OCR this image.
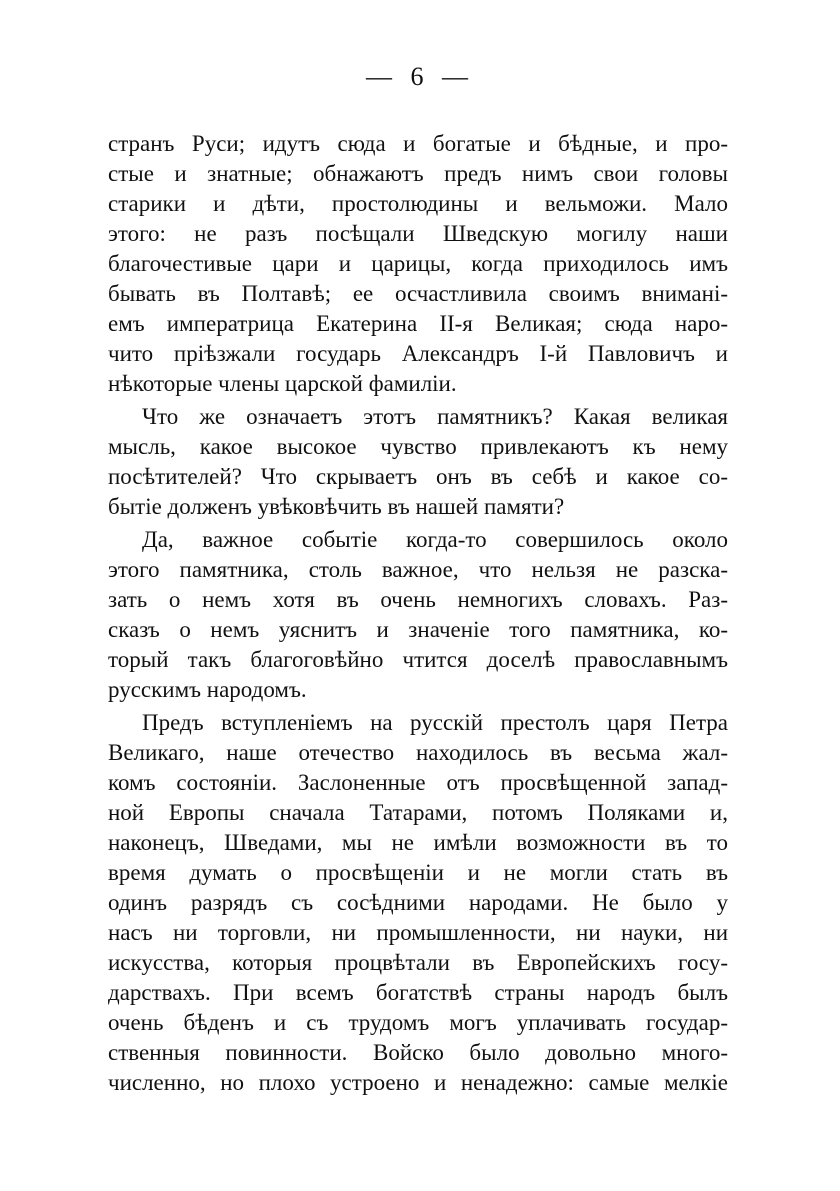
— 6 —
странъ Руси; идутъ сюда и богатые и бѣдные, и про-
стые и знатные; обнажаютъ предъ нимъ свои головы
старики и дѣти, простолюдины и вельможи. Мало
этого: не разъ посѣщали Шведскую могилу наши
благочестивые цари и царицы, когда приходилось имъ
бывать въ Полтавѣ; ее осчастливила своимъ вниманi-
емъ императрица Екатерина II-я Великая; сюда наро-
чито прiѣзжали государь Александръ I-й Павловичъ и
нѣкоторые члены царской фамилiи.
Что же означаетъ этотъ памятникъ? Какая великая
мысль, какое высокое чувство привлекаютъ къ нему
посѣтителей? Что скрываетъ онъ въ себѣ и какое со-
бытiе долженъ увѣковѣчить въ нашей памяти?
Да, важное событiе когда-то совершилось около
этого памятника, столь важное, что нельзя не разска-
зать о немъ хотя въ очень немногихъ словахъ. Раз-
сказъ о немъ уяснитъ и значенiе того памятника, ко-
торый такъ благоговѣйно чтится доселѣ православнымъ
русскимъ народомъ.
Предъ вступленiемъ на русскiй престолъ царя Петра
Великаго, наше отечество находилось въ весьма жал-
комъ состоянiи. Заслоненные отъ просвѣщенной запад-
ной Европы сначала Татарами, потомъ Поляками и,
наконецъ, Шведами, мы не имѣли возможности въ то
время думать о просвѣщенiи и не могли стать въ
одинъ разрядъ съ сосѣдними народами. Не было у
насъ ни торговли, ни промышленности, ни науки, ни
искусства, которыя процвѣтали въ Европейскихъ госу-
дарствахъ. При всемъ богатствѣ страны народъ былъ
очень бѣденъ и съ трудомъ могъ уплачивать государ-
ственныя повинности. Войско было довольно много-
численно, но плохо устроено и ненадежно: самые мелкiе
